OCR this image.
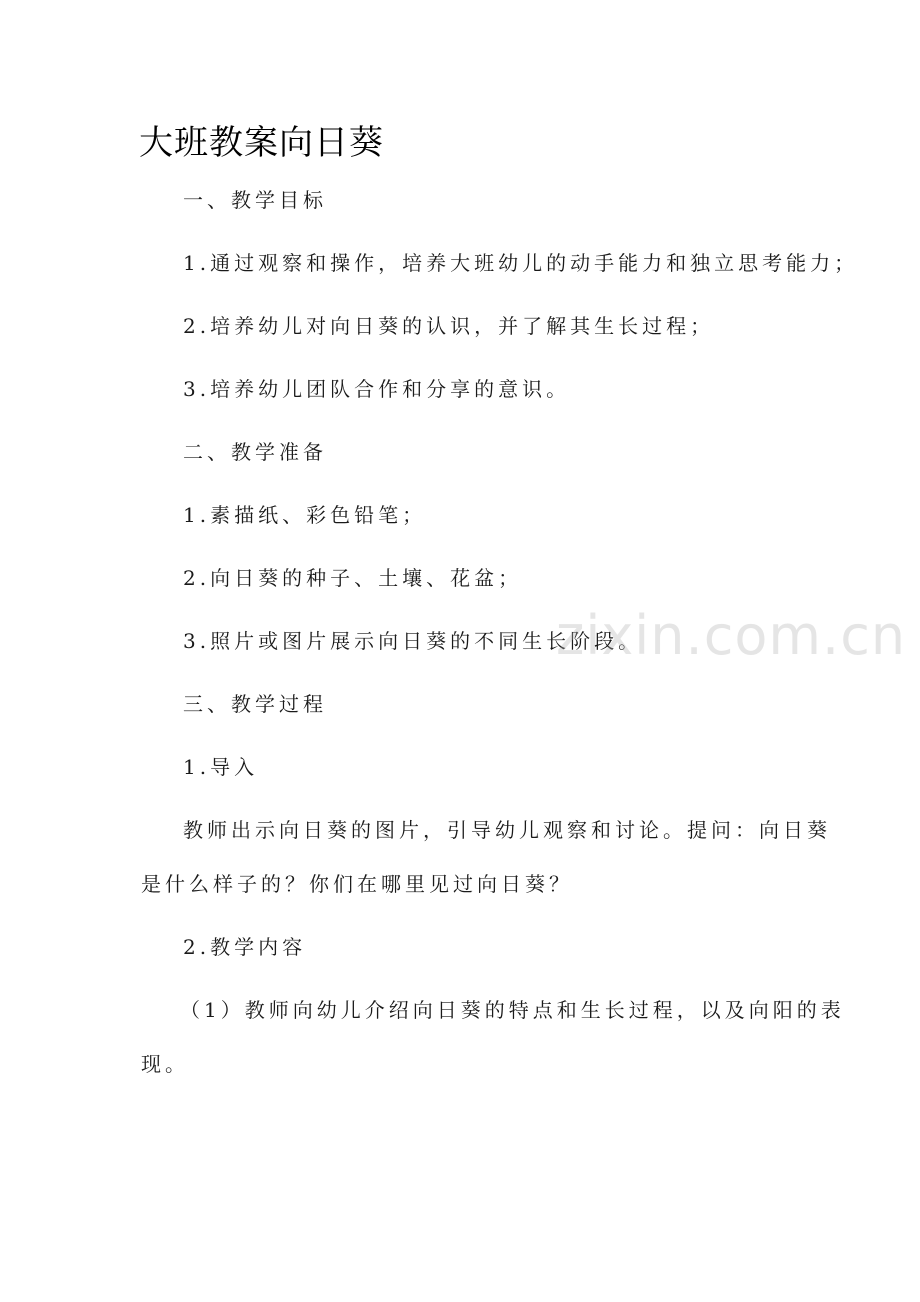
大班教案向日葵

一、教学目标

1.通过观察和操作，培养大班幼儿的动手能力和独立思考能力；

2.培养幼儿对向日葵的认识，并了解其生长过程；

3.培养幼儿团队合作和分享的意识。

二、教学准备

1.素描纸、彩色铅笔；

2.向日葵的种子、土壤、花盆；

3.照片或图片展示向日葵的不同生长阶段。

三、教学过程

1.导入

教师出示向日葵的图片，引导幼儿观察和讨论。提问：向日葵

是什么样子的？你们在哪里见过向日葵？

2.教学内容

（1）教师向幼儿介绍向日葵的特点和生长过程，以及向阳的表

现。

zixin.com.cn
